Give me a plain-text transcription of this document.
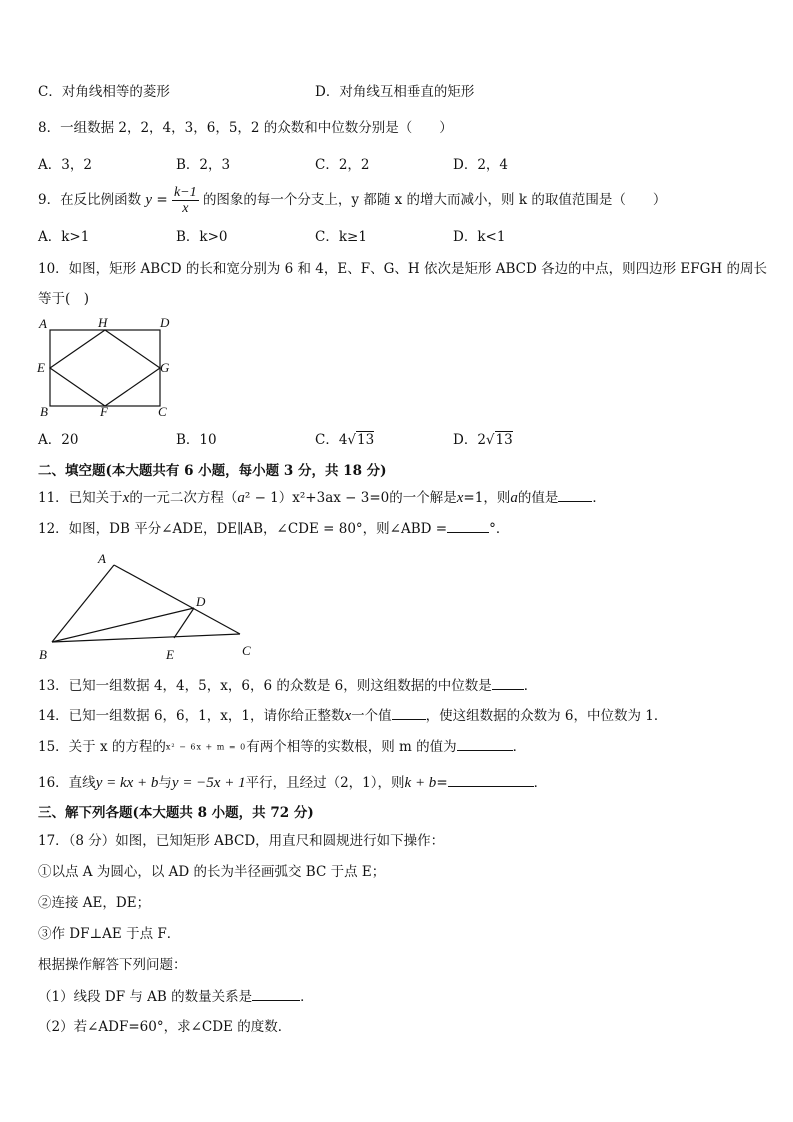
C．对角线相等的菱形	D．对角线互相垂直的矩形
8．一组数据 2，2，4，3，6，5，2 的众数和中位数分别是（　　）
A．3，2	B．2，3	C．2，2	D．2，4
9．在反比例函数 $y = \frac{k-1}{x}$ 的图象的每一个分支上，y 都随 x 的增大而减小，则 k 的取值范围是（　　）
A．k>1	B．k>0	C．k≥1	D．k<1
10．如图，矩形 ABCD 的长和宽分别为 6 和 4，E、F、G、H 依次是矩形 ABCD 各边的中点，则四边形 EFGH 的周长
等于(　)
A	H	D
E	G
B	F	C
A．20	B．10	C．4√13	D．2√13
二、填空题(本大题共有 6 小题，每小题 3 分，共 18 分)
11．已知关于x的一元二次方程（a² − 1）x²+3ax − 3=0的一个解是x=1，则a的值是	．
12．如图，DB 平分∠ADE，DE∥AB，∠CDE = 80°，则∠ABD =	°．
A
D
B	E	C
13．已知一组数据 4，4，5，x，6，6 的众数是 6，则这组数据的中位数是 ．
14．已知一组数据 6，6，1，x，1，请你给正整数x一个值	，使这组数据的众数为 6，中位数为 1．
15．关于 x 的方程的x² − 6x + m = 0有两个相等的实数根，则 m 的值为	．
16．直线y = kx + b与y = −5x + 1平行，且经过（2，1），则k + b=	．
三、解下列各题(本大题共 8 小题，共 72 分)
17．（8 分）如图，已知矩形 ABCD，用直尺和圆规进行如下操作：
①以点 A 为圆心，以 AD 的长为半径画弧交 BC 于点 E；
②连接 AE，DE；
③作 DF⊥AE 于点 F．
根据操作解答下列问题：
（1）线段 DF 与 AB 的数量关系是	．
（2）若∠ADF=60°，求∠CDE 的度数．
